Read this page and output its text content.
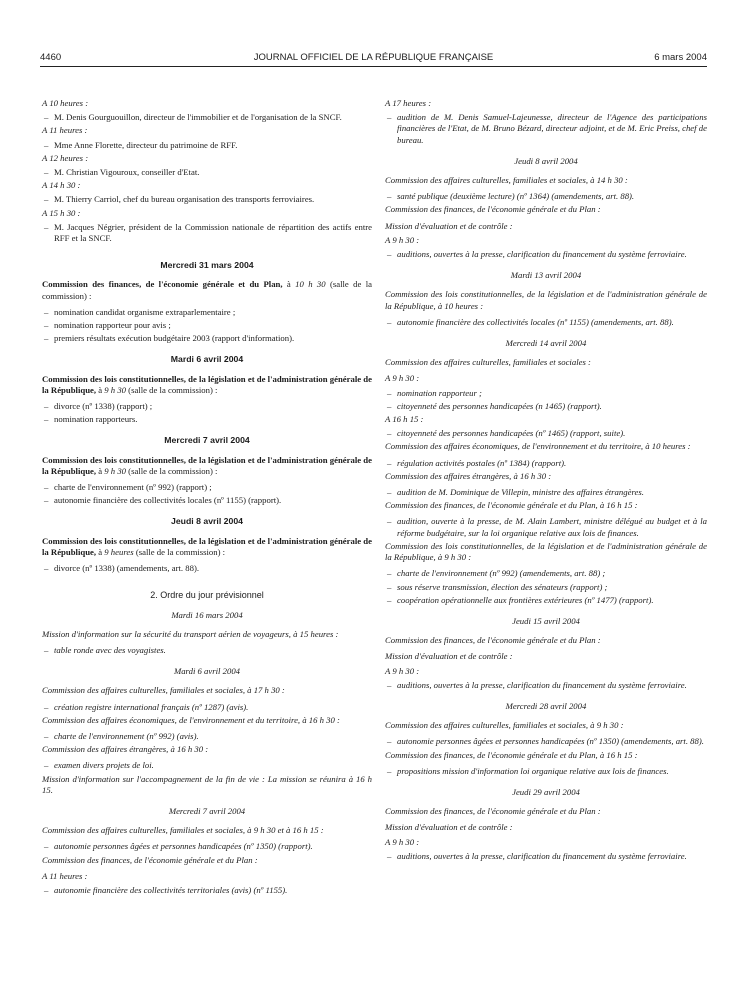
4460	JOURNAL OFFICIEL DE LA RÉPUBLIQUE FRANÇAISE	6 mars 2004
A 10 heures :
– M. Denis Gourguouillon, directeur de l'immobilier et de l'organisation de la SNCF.
A 11 heures :
– Mme Anne Florette, directeur du patrimoine de RFF.
A 12 heures :
– M. Christian Vigouroux, conseiller d'Etat.
A 14 h 30 :
– M. Thierry Carriol, chef du bureau organisation des transports ferroviaires.
A 15 h 30 :
– M. Jacques Négrier, président de la Commission nationale de répartition des actifs entre RFF et la SNCF.
Mercredi 31 mars 2004
Commission des finances, de l'économie générale et du Plan, à 10 h 30 (salle de la commission) :
– nomination candidat organisme extraparlementaire ;
– nomination rapporteur pour avis ;
– premiers résultats exécution budgétaire 2003 (rapport d'information).
Mardi 6 avril 2004
Commission des lois constitutionnelles, de la législation et de l'administration générale de la République, à 9 h 30 (salle de la commission) :
– divorce (nº 1338) (rapport) ;
– nomination rapporteurs.
Mercredi 7 avril 2004
Commission des lois constitutionnelles, de la législation et de l'administration générale de la République, à 9 h 30 (salle de la commission) :
– charte de l'environnement (nº 992) (rapport) ;
– autonomie financière des collectivités locales (nº 1155) (rapport).
Jeudi 8 avril 2004
Commission des lois constitutionnelles, de la législation et de l'administration générale de la République, à 9 heures (salle de la commission) :
– divorce (nº 1338) (amendements, art. 88).
2. Ordre du jour prévisionnel
Mardi 16 mars 2004
Mission d'information sur la sécurité du transport aérien de voyageurs, à 15 heures :
– table ronde avec des voyagistes.
Mardi 6 avril 2004
Commission des affaires culturelles, familiales et sociales, à 17 h 30 :
– création registre international français (nº 1287) (avis).
Commission des affaires économiques, de l'environnement et du territoire, à 16 h 30 :
– charte de l'environnement (nº 992) (avis).
Commission des affaires étrangères, à 16 h 30 :
– examen divers projets de loi.
Mission d'information sur l'accompagnement de la fin de vie : La mission se réunira à 16 h 15.
Mercredi 7 avril 2004
Commission des affaires culturelles, familiales et sociales, à 9 h 30 et à 16 h 15 :
– autonomie personnes âgées et personnes handicapées (nº 1350) (rapport).
Commission des finances, de l'économie générale et du Plan :
A 11 heures :
– autonomie financière des collectivités territoriales (avis) (nº 1155).
A 17 heures :
– audition de M. Denis Samuel-Lajeunesse, directeur de l'Agence des participations financières de l'Etat, de M. Bruno Bézard, directeur adjoint, et de M. Eric Preiss, chef de bureau.
Jeudi 8 avril 2004
Commission des affaires culturelles, familiales et sociales, à 14 h 30 :
– santé publique (deuxième lecture) (nº 1364) (amendements, art. 88).
Commission des finances, de l'économie générale et du Plan :
Mission d'évaluation et de contrôle :
A 9 h 30 :
– auditions, ouvertes à la presse, clarification du financement du système ferroviaire.
Mardi 13 avril 2004
Commission des lois constitutionnelles, de la législation et de l'administration générale de la République, à 10 heures :
– autonomie financière des collectivités locales (nº 1155) (amendements, art. 88).
Mercredi 14 avril 2004
Commission des affaires culturelles, familiales et sociales :
A 9 h 30 :
– nomination rapporteur ;
– citoyenneté des personnes handicapées (n 1465) (rapport).
A 16 h 15 :
– citoyenneté des personnes handicapées (nº 1465) (rapport, suite).
Commission des affaires économiques, de l'environnement et du territoire, à 10 heures :
– régulation activités postales (nº 1384) (rapport).
Commission des affaires étrangères, à 16 h 30 :
– audition de M. Dominique de Villepin, ministre des affaires étrangères.
Commission des finances, de l'économie générale et du Plan, à 16 h 15 :
– audition, ouverte à la presse, de M. Alain Lambert, ministre délégué au budget et à la réforme budgétaire, sur la loi organique relative aux lois de finances.
Commission des lois constitutionnelles, de la législation et de l'administration générale de la République, à 9 h 30 :
– charte de l'environnement (nº 992) (amendements, art. 88) ;
– sous réserve transmission, élection des sénateurs (rapport) ;
– coopération opérationnelle aux frontières extérieures (nº 1477) (rapport).
Jeudi 15 avril 2004
Commission des finances, de l'économie générale et du Plan :
Mission d'évaluation et de contrôle :
A 9 h 30 :
– auditions, ouvertes à la presse, clarification du financement du système ferroviaire.
Mercredi 28 avril 2004
Commission des affaires culturelles, familiales et sociales, à 9 h 30 :
– autonomie personnes âgées et personnes handicapées (nº 1350) (amendements, art. 88).
Commission des finances, de l'économie générale et du Plan, à 16 h 15 :
– propositions mission d'information loi organique relative aux lois de finances.
Jeudi 29 avril 2004
Commission des finances, de l'économie générale et du Plan :
Mission d'évaluation et de contrôle :
A 9 h 30 :
– auditions, ouvertes à la presse, clarification du financement du système ferroviaire.
